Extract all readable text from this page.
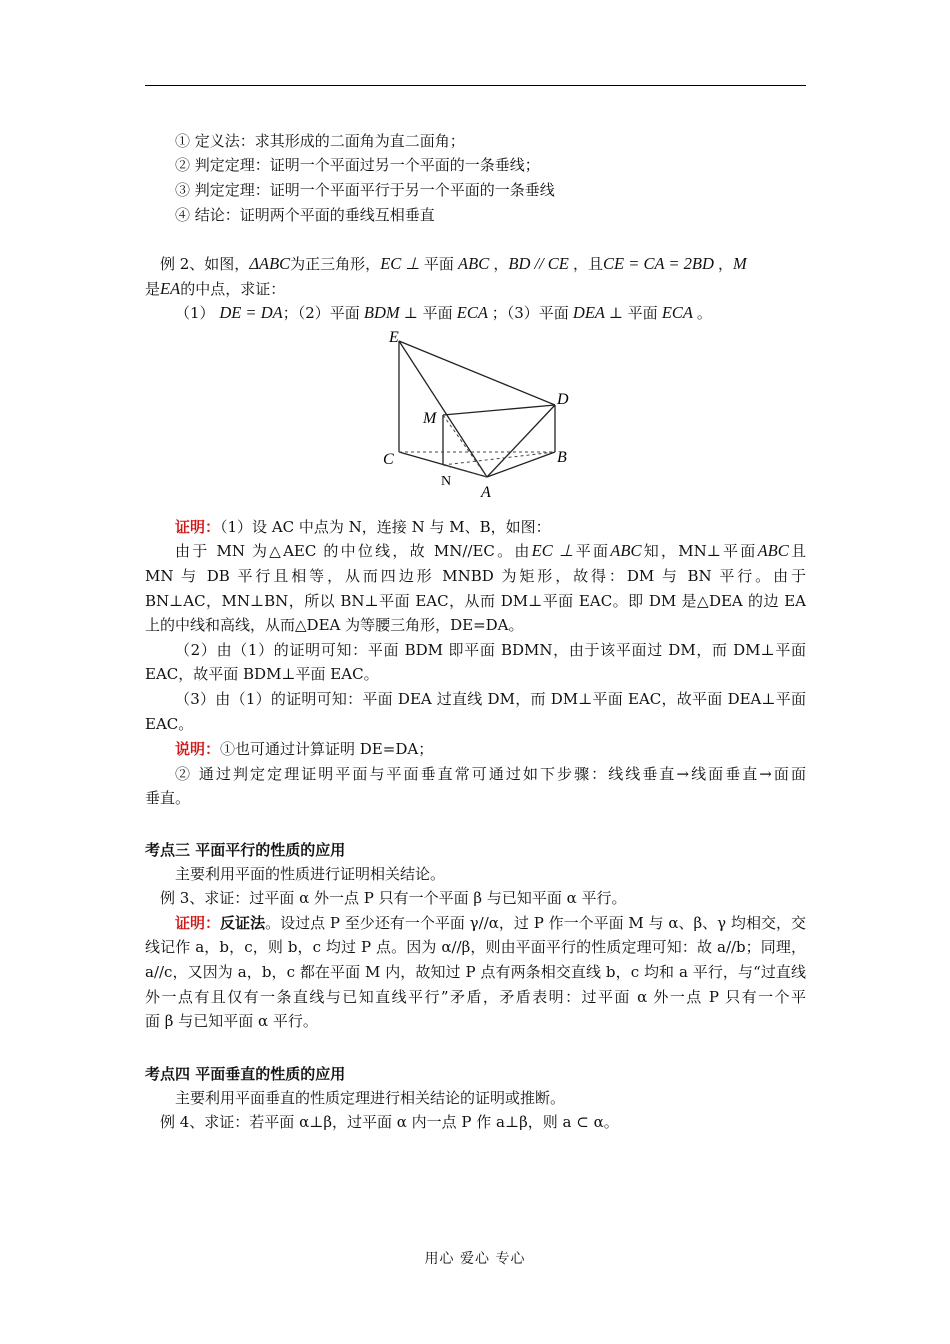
① 定义法：求其形成的二面角为直二面角；
② 判定定理：证明一个平面过另一个平面的一条垂线；
③ 判定定理：证明一个平面平行于另一个平面的一条垂线
④ 结论：证明两个平面的垂线互相垂直
例 2、如图，ΔABC为正三角形，EC ⊥ 平面 ABC ，BD // CE ，且CE = CA = 2BD ，M
是EA的中点，求证：
（1） DE = DA；（2）平面 BDM ⊥ 平面 ECA ；（3）平面 DEA ⊥ 平面 ECA 。
E
D
M
C	B
N
A
证明：（1）设 AC 中点为 N，连接 N 与 M、B，如图：
由于 MN 为△AEC 的中位线，故 MN//EC。由EC ⊥平面ABC知，MN⊥平面ABC且
MN 与 DB 平行且相等，从而四边形 MNBD 为矩形，故得：DM 与 BN 平行。由于
BN⊥AC，MN⊥BN，所以 BN⊥平面 EAC，从而 DM⊥平面 EAC。即 DM 是△DEA 的边 EA
上的中线和高线，从而△DEA 为等腰三角形，DE=DA。
（2）由（1）的证明可知：平面 BDM 即平面 BDMN，由于该平面过 DM，而 DM⊥平面
EAC，故平面 BDM⊥平面 EAC。
（3）由（1）的证明可知：平面 DEA 过直线 DM，而 DM⊥平面 EAC，故平面 DEA⊥平面
EAC。
说明：①也可通过计算证明 DE=DA；
② 通过判定定理证明平面与平面垂直常可通过如下步骤：线线垂直→线面垂直→面面
垂直。
考点三 平面平行的性质的应用
主要利用平面的性质进行证明相关结论。
例 3、求证：过平面 α 外一点 P 只有一个平面 β 与已知平面 α 平行。
证明：反证法。设过点 P 至少还有一个平面 γ//α，过 P 作一个平面 M 与 α、β、γ 均相交，交
线记作 a，b，c，则 b，c 均过 P 点。因为 α//β，则由平面平行的性质定理可知：故 a//b；同理，
a//c，又因为 a，b，c 都在平面 M 内，故知过 P 点有两条相交直线 b，c 均和 a 平行，与“过直线
外一点有且仅有一条直线与已知直线平行”矛盾，矛盾表明：过平面 α 外一点 P 只有一个平
面 β 与已知平面 α 平行。
考点四 平面垂直的性质的应用
主要利用平面垂直的性质定理进行相关结论的证明或推断。
例 4、求证：若平面 α⊥β，过平面 α 内一点 P 作 a⊥β，则 a ⊂ α。
用心 爱心 专心
